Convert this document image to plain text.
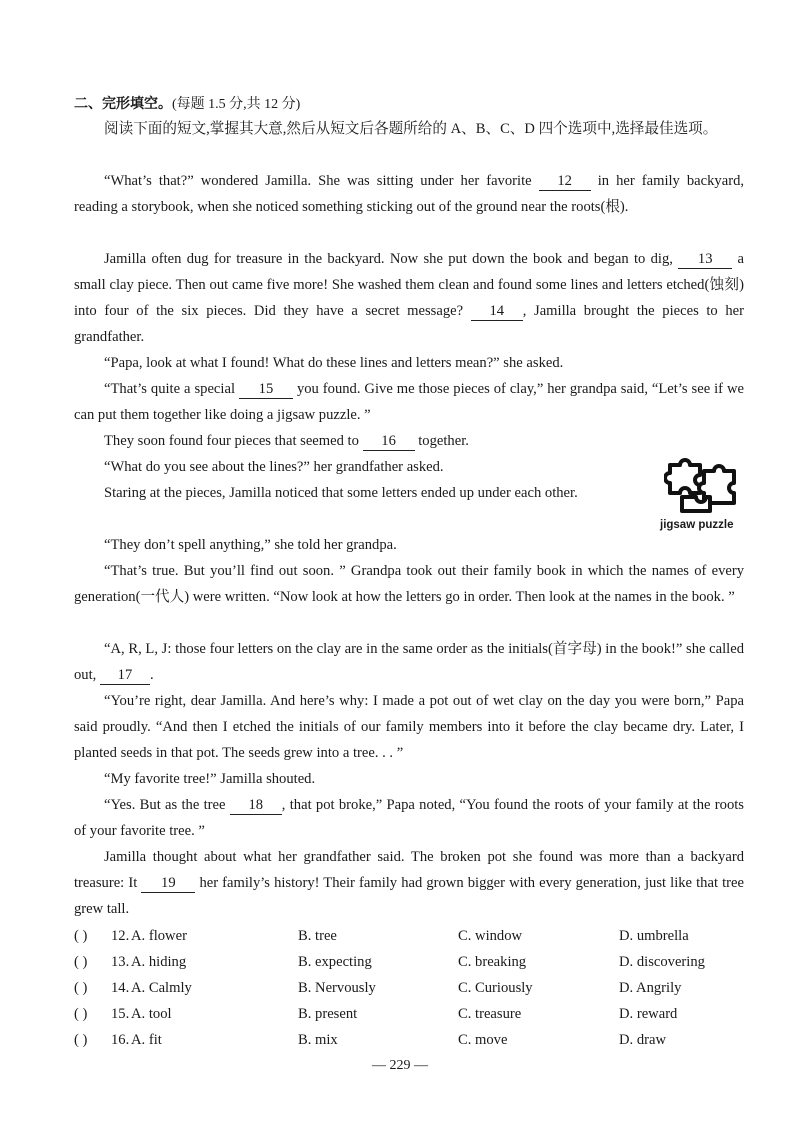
二、完形填空。(每题 1.5 分,共 12 分)
阅读下面的短文,掌握其大意,然后从短文后各题所给的 A、B、C、D 四个选项中,选择最佳选项。
“What’s that?” wondered Jamilla. She was sitting under her favorite 12 in her family backyard, reading a storybook, when she noticed something sticking out of the ground near the roots(根).
Jamilla often dug for treasure in the backyard. Now she put down the book and began to dig, 13 a small clay piece. Then out came five more! She washed them clean and found some lines and letters etched(蚀刻) into four of the six pieces. Did they have a secret message? 14 , Jamilla brought the pieces to her grandfather.
“Papa, look at what I found! What do these lines and letters mean?” she asked.
“That’s quite a special 15 you found. Give me those pieces of clay,” her grandpa said, “Let’s see if we can put them together like doing a jigsaw puzzle. ”
They soon found four pieces that seemed to 16 together.
“What do you see about the lines?” her grandfather asked.
Staring at the pieces, Jamilla noticed that some letters ended up under each other.
“They don’t spell anything,” she told her grandpa.
“That’s true. But you’ll find out soon. ” Grandpa took out their family book in which the names of every generation(一代人) were written. “Now look at how the letters go in order. Then look at the names in the book. ”
“A, R, L, J: those four letters on the clay are in the same order as the initials(首字母) in the book!” she called out, 17 .
“You’re right, dear Jamilla. And here’s why: I made a pot out of wet clay on the day you were born,” Papa said proudly. “And then I etched the initials of our family members into it before the clay became dry. Later, I planted seeds in that pot. The seeds grew into a tree. . . ”
“My favorite tree!” Jamilla shouted.
“Yes. But as the tree 18 , that pot broke,” Papa noted, “You found the roots of your family at the roots of your favorite tree. ”
Jamilla thought about what her grandfather said. The broken pot she found was more than a backyard treasure: It 19 her family’s history! Their family had grown bigger with every generation, just like that tree grew tall.
( )	12. A. flower	B. tree	C. window	D. umbrella
( )	13. A. hiding	B. expecting	C. breaking	D. discovering
( )	14. A. Calmly	B. Nervously	C. Curiously	D. Angrily
( )	15. A. tool	B. present	C. treasure	D. reward
( )	16. A. fit	B. mix	C. move	D. draw
jigsaw puzzle
— 229 —
